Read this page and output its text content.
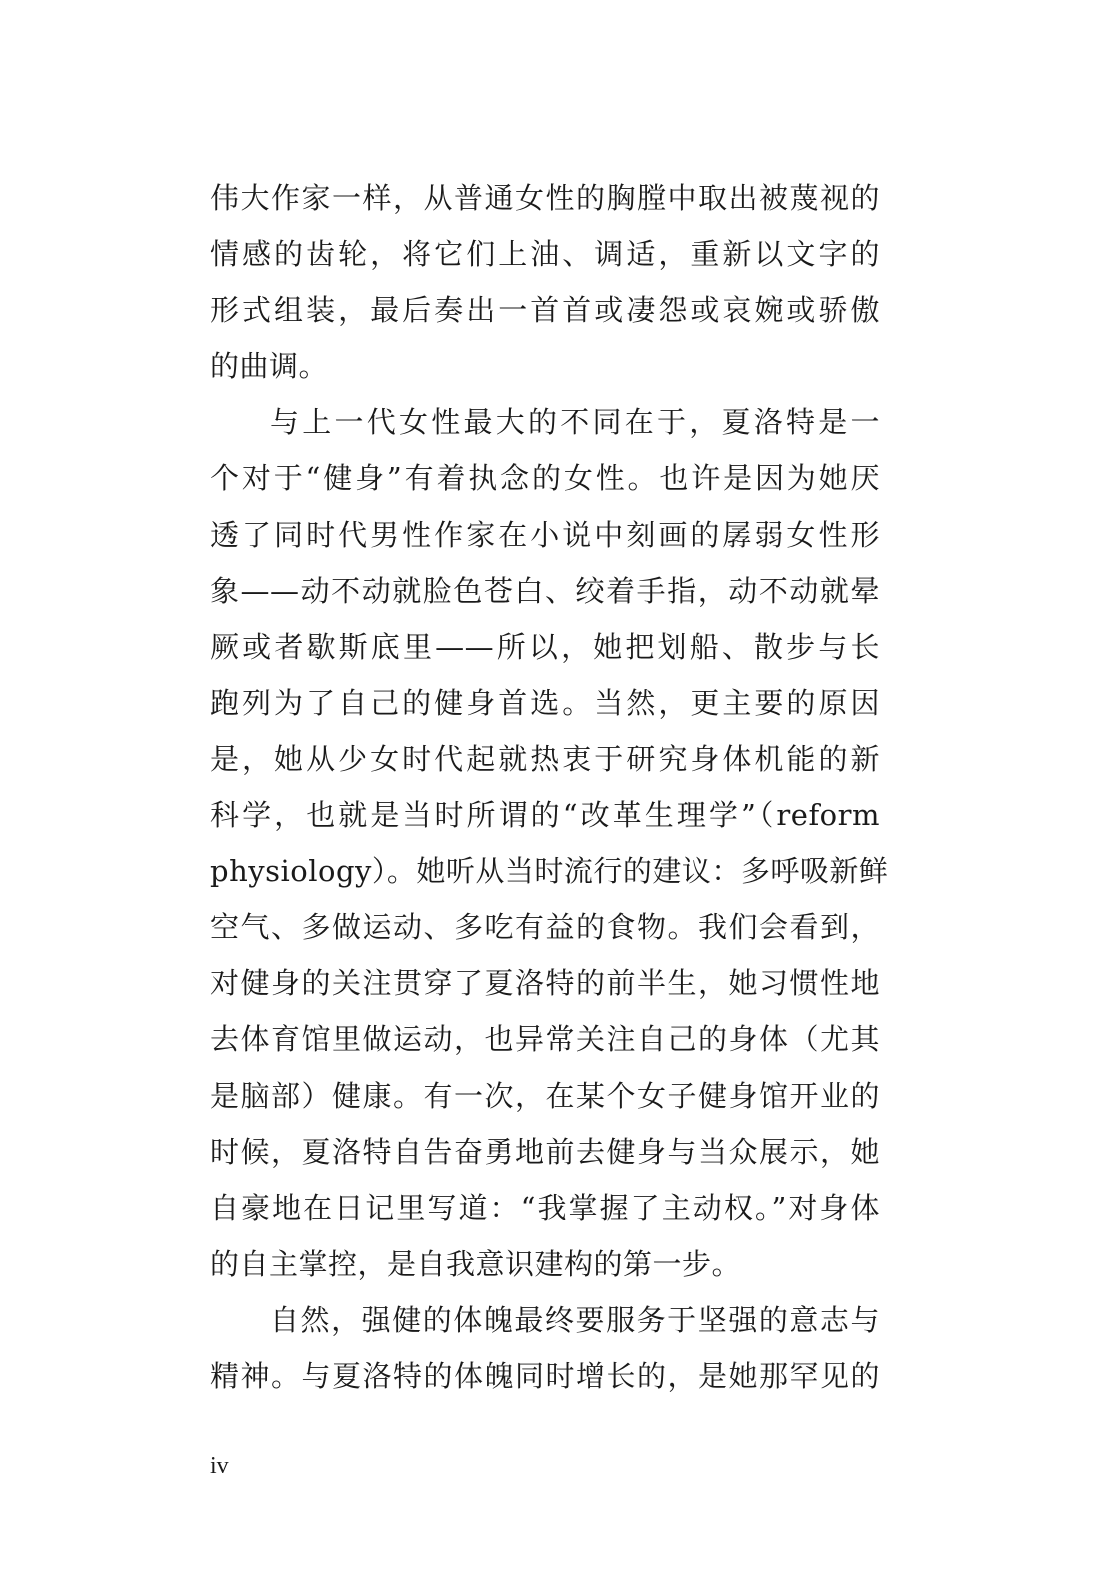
伟大作家一样，从普通女性的胸膛中取出被蔑视的
情感的齿轮，将它们上油、调适，重新以文字的
形式组装，最后奏出一首首或凄怨或哀婉或骄傲
的曲调。
与上一代女性最大的不同在于，夏洛特是一
个对于“健身”有着执念的女性。也许是因为她厌
透了同时代男性作家在小说中刻画的孱弱女性形
象——动不动就脸色苍白、绞着手指，动不动就晕
厥或者歇斯底里——所以，她把划船、散步与长
跑列为了自己的健身首选。当然，更主要的原因
是，她从少女时代起就热衷于研究身体机能的新
科学，也就是当时所谓的“改革生理学”（reform
physiology）。她听从当时流行的建议：多呼吸新鲜
空气、多做运动、多吃有益的食物。我们会看到，
对健身的关注贯穿了夏洛特的前半生，她习惯性地
去体育馆里做运动，也异常关注自己的身体（尤其
是脑部）健康。有一次，在某个女子健身馆开业的
时候，夏洛特自告奋勇地前去健身与当众展示，她
自豪地在日记里写道：“我掌握了主动权。”对身体
的自主掌控，是自我意识建构的第一步。
自然，强健的体魄最终要服务于坚强的意志与
精神。与夏洛特的体魄同时增长的，是她那罕见的
iv
